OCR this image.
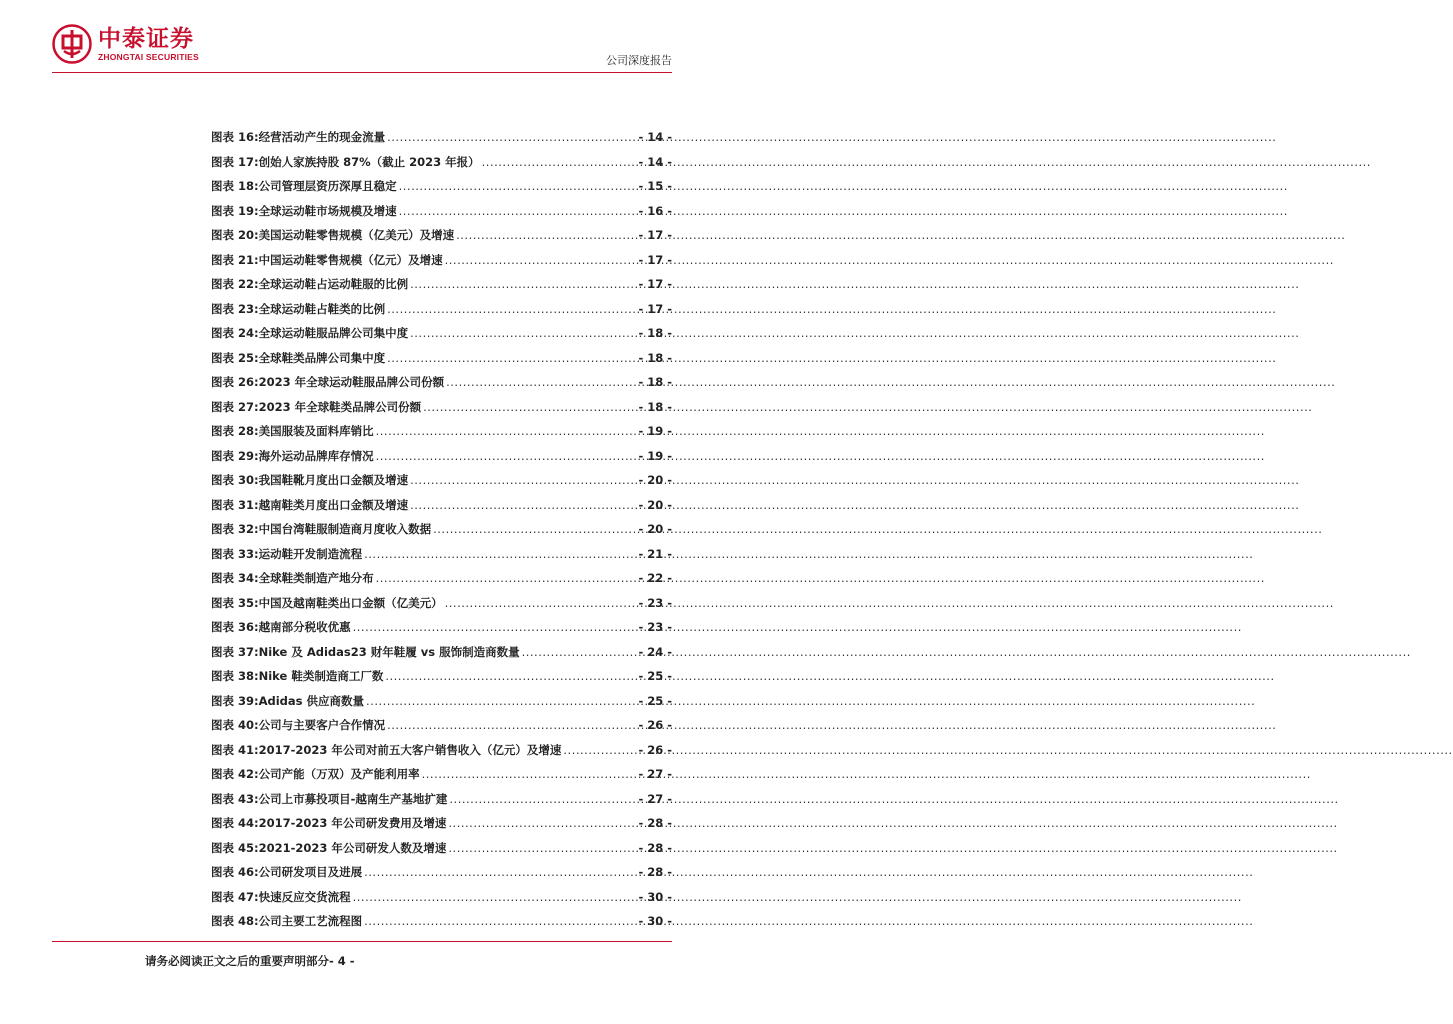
中泰证券
ZHONGTAI SECURITIES	公司深度报告
图表 16: 经营活动产生的现金流量 .....	- 14 -
图表 17: 创始人家族持股 87%（截止 2023 年报） .....	- 14 -
图表 18: 公司管理层资历深厚且稳定 .....	- 15 -
图表 19: 全球运动鞋市场规模及增速 .....	- 16 -
图表 20: 美国运动鞋零售规模（亿美元）及增速 .....	- 17 -
图表 21: 中国运动鞋零售规模（亿元）及增速 .....	- 17 -
图表 22: 全球运动鞋占运动鞋服的比例 .....	- 17 -
图表 23: 全球运动鞋占鞋类的比例 .....	- 17 -
图表 24: 全球运动鞋服品牌公司集中度 .....	- 18 -
图表 25: 全球鞋类品牌公司集中度 .....	- 18 -
图表 26: 2023 年全球运动鞋服品牌公司份额 .....	- 18 -
图表 27: 2023 年全球鞋类品牌公司份额 .....	- 18 -
图表 28: 美国服装及面料库销比 .....	- 19 -
图表 29: 海外运动品牌库存情况 .....	- 19 -
图表 30: 我国鞋靴月度出口金额及增速 .....	- 20 -
图表 31: 越南鞋类月度出口金额及增速 .....	- 20 -
图表 32: 中国台湾鞋服制造商月度收入数据 .....	- 20 -
图表 33: 运动鞋开发制造流程 .....	- 21 -
图表 34: 全球鞋类制造产地分布 .....	- 22 -
图表 35: 中国及越南鞋类出口金额（亿美元） .....	- 23 -
图表 36: 越南部分税收优惠 .....	- 23 -
图表 37: Nike 及 Adidas23 财年鞋履 vs 服饰制造商数量 .....	- 24 -
图表 38: Nike 鞋类制造商工厂数 .....	- 25 -
图表 39: Adidas 供应商数量 .....	- 25 -
图表 40: 公司与主要客户合作情况 .....	- 26 -
图表 41: 2017-2023 年公司对前五大客户销售收入（亿元）及增速 .....	- 26 -
图表 42: 公司产能（万双）及产能利用率 .....	- 27 -
图表 43: 公司上市募投项目-越南生产基地扩建 .....	- 27 -
图表 44: 2017-2023 年公司研发费用及增速 .....	- 28 -
图表 45: 2021-2023 年公司研发人数及增速 .....	- 28 -
图表 46: 公司研发项目及进展 .....	- 28 -
图表 47: 快速反应交货流程 .....	- 30 -
图表 48: 公司主要工艺流程图 .....	- 30 -
请务必阅读正文之后的重要声明部分- 4 -
